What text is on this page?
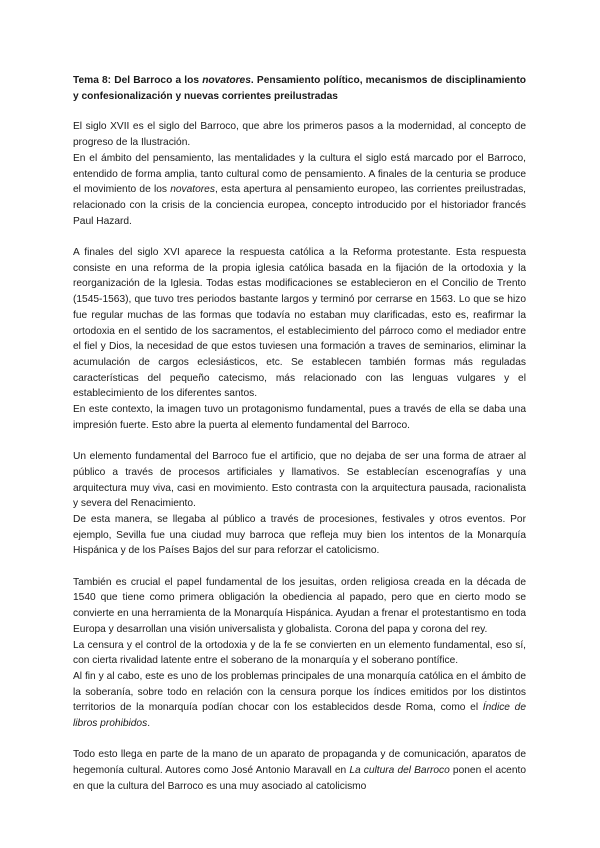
Tema 8: Del Barroco a los novatores. Pensamiento político, mecanismos de disciplinamiento y confesionalización y nuevas corrientes preilustradas

El siglo XVII es el siglo del Barroco, que abre los primeros pasos a la modernidad, al concepto de progreso de la Ilustración.

En el ámbito del pensamiento, las mentalidades y la cultura el siglo está marcado por el Barroco, entendido de forma amplia, tanto cultural como de pensamiento. A finales de la centuria se produce el movimiento de los novatores, esta apertura al pensamiento europeo, las corrientes preilustradas, relacionado con la crisis de la conciencia europea, concepto introducido por el historiador francés Paul Hazard.

A finales del siglo XVI aparece la respuesta católica a la Reforma protestante. Esta respuesta consiste en una reforma de la propia iglesia católica basada en la fijación de la ortodoxia y la reorganización de la Iglesia. Todas estas modificaciones se establecieron en el Concilio de Trento (1545-1563), que tuvo tres periodos bastante largos y terminó por cerrarse en 1563. Lo que se hizo fue regular muchas de las formas que todavía no estaban muy clarificadas, esto es, reafirmar la ortodoxia en el sentido de los sacramentos, el establecimiento del párroco como el mediador entre el fiel y Dios, la necesidad de que estos tuviesen una formación a traves de seminarios, eliminar la acumulación de cargos eclesiásticos, etc. Se establecen también formas más reguladas características del pequeño catecismo, más relacionado con las lenguas vulgares y el establecimiento de los diferentes santos.

En este contexto, la imagen tuvo un protagonismo fundamental, pues a través de ella se daba una impresión fuerte. Esto abre la puerta al elemento fundamental del Barroco.

Un elemento fundamental del Barroco fue el artificio, que no dejaba de ser una forma de atraer al público a través de procesos artificiales y llamativos. Se establecían escenografías y una arquitectura muy viva, casi en movimiento. Esto contrasta con la arquitectura pausada, racionalista y severa del Renacimiento.

De esta manera, se llegaba al público a través de procesiones, festivales y otros eventos. Por ejemplo, Sevilla fue una ciudad muy barroca que refleja muy bien los intentos de la Monarquía Hispánica y de los Países Bajos del sur para reforzar el catolicismo.

También es crucial el papel fundamental de los jesuitas, orden religiosa creada en la década de 1540 que tiene como primera obligación la obediencia al papado, pero que en cierto modo se convierte en una herramienta de la Monarquía Hispánica. Ayudan a frenar el protestantismo en toda Europa y desarrollan una visión universalista y globalista. Corona del papa y corona del rey.

La censura y el control de la ortodoxia y de la fe se convierten en un elemento fundamental, eso sí, con cierta rivalidad latente entre el soberano de la monarquía y el soberano pontífice.

Al fin y al cabo, este es uno de los problemas principales de una monarquía católica en el ámbito de la soberanía, sobre todo en relación con la censura porque los índices emitidos por los distintos territorios de la monarquía podían chocar con los establecidos desde Roma, como el Índice de libros prohibidos.

Todo esto llega en parte de la mano de un aparato de propaganda y de comunicación, aparatos de hegemonía cultural. Autores como José Antonio Maravall en La cultura del Barroco ponen el acento en que la cultura del Barroco es una muy asociado al catolicismo
